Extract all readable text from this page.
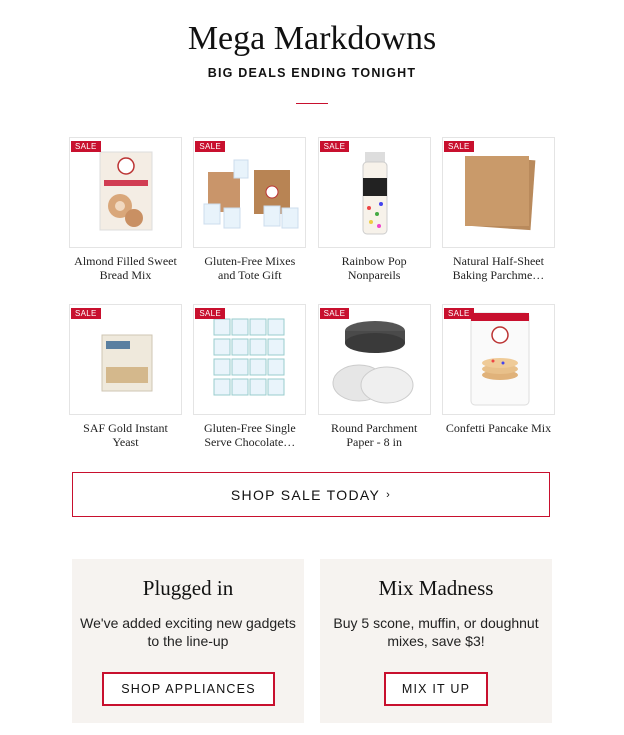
Mega Markdowns
BIG DEALS ENDING TONIGHT
SALE
Almond Filled Sweet Bread Mix
SALE
Gluten-Free Mixes and Tote Gift
SALE
Rainbow Pop Nonpareils
SALE
Natural Half-Sheet Baking Parchme…
SALE
SAF Gold Instant Yeast
SALE
Gluten-Free Single Serve Chocolate…
SALE
Round Parchment Paper - 8 in
SALE
Confetti Pancake Mix
SHOP SALE TODAY ›
Plugged in

We've added exciting new gadgets to the line-up

SHOP APPLIANCES
Mix Madness

Buy 5 scone, muffin, or doughnut mixes, save $3!

MIX IT UP
